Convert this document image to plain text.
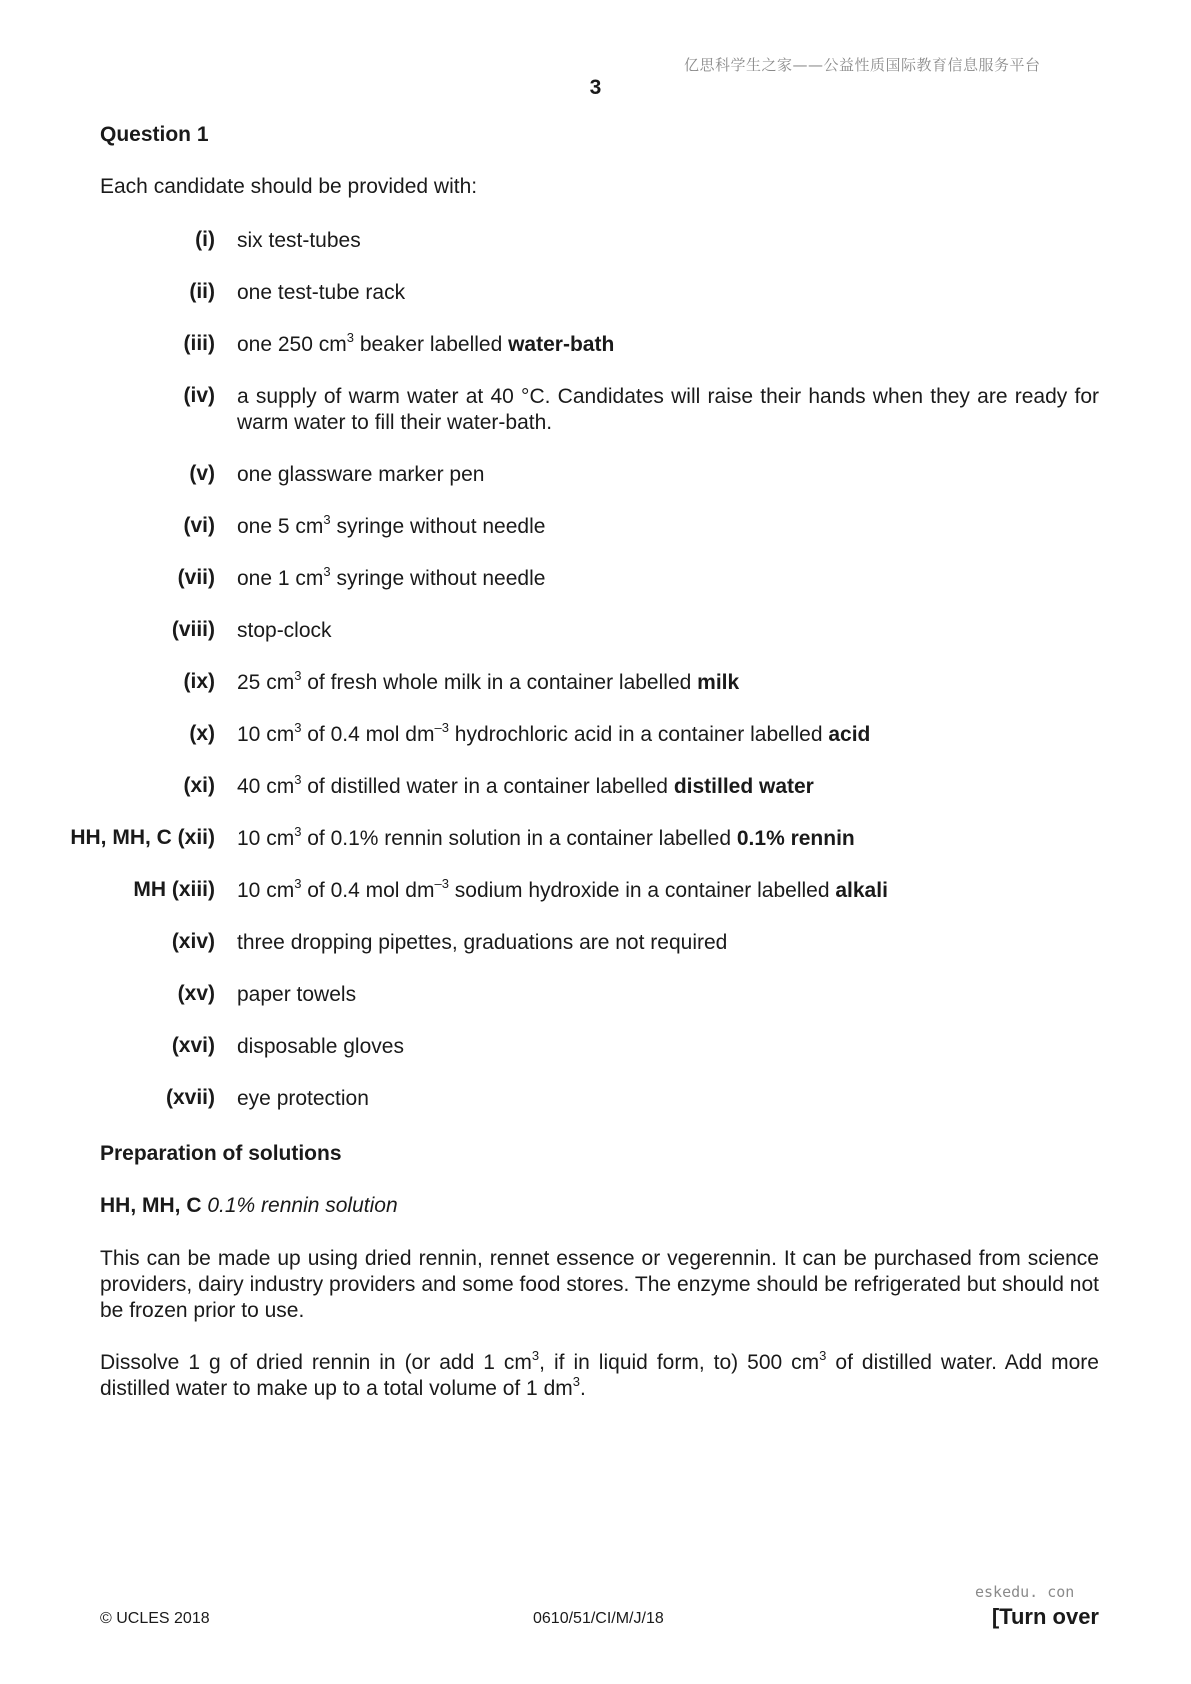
亿思科学生之家——公益性质国际教育信息服务平台
3
Question 1
Each candidate should be provided with:
(i) six test-tubes
(ii) one test-tube rack
(iii) one 250 $cm^3$ beaker labelled water-bath
(iv) a supply of warm water at 40 °C. Candidates will raise their hands when they are ready for warm water to fill their water-bath.
(v) one glassware marker pen
(vi) one 5 $cm^3$ syringe without needle
(vii) one 1 $cm^3$ syringe without needle
(viii) stop-clock
(ix) 25 $cm^3$ of fresh whole milk in a container labelled milk
(x) 10 $cm^3$ of 0.4 mol $dm^{-3}$ hydrochloric acid in a container labelled acid
(xi) 40 $cm^3$ of distilled water in a container labelled distilled water
HH, MH, C (xii) 10 $cm^3$ of 0.1% rennin solution in a container labelled 0.1% rennin
MH (xiii) 10 $cm^3$ of 0.4 mol $dm^{-3}$ sodium hydroxide in a container labelled alkali
(xiv) three dropping pipettes, graduations are not required
(xv) paper towels
(xvi) disposable gloves
(xvii) eye protection
Preparation of solutions
HH, MH, C 0.1% rennin solution
This can be made up using dried rennin, rennet essence or vegerennin. It can be purchased from science providers, dairy industry providers and some food stores. The enzyme should be refrigerated but should not be frozen prior to use.
Dissolve 1 g of dried rennin in (or add 1 $cm^3$, if in liquid form, to) 500 $cm^3$ of distilled water. Add more distilled water to make up to a total volume of 1 $dm^3$.
© UCLES 2018	0610/51/CI/M/J/18
eskedu. con
[Turn over
